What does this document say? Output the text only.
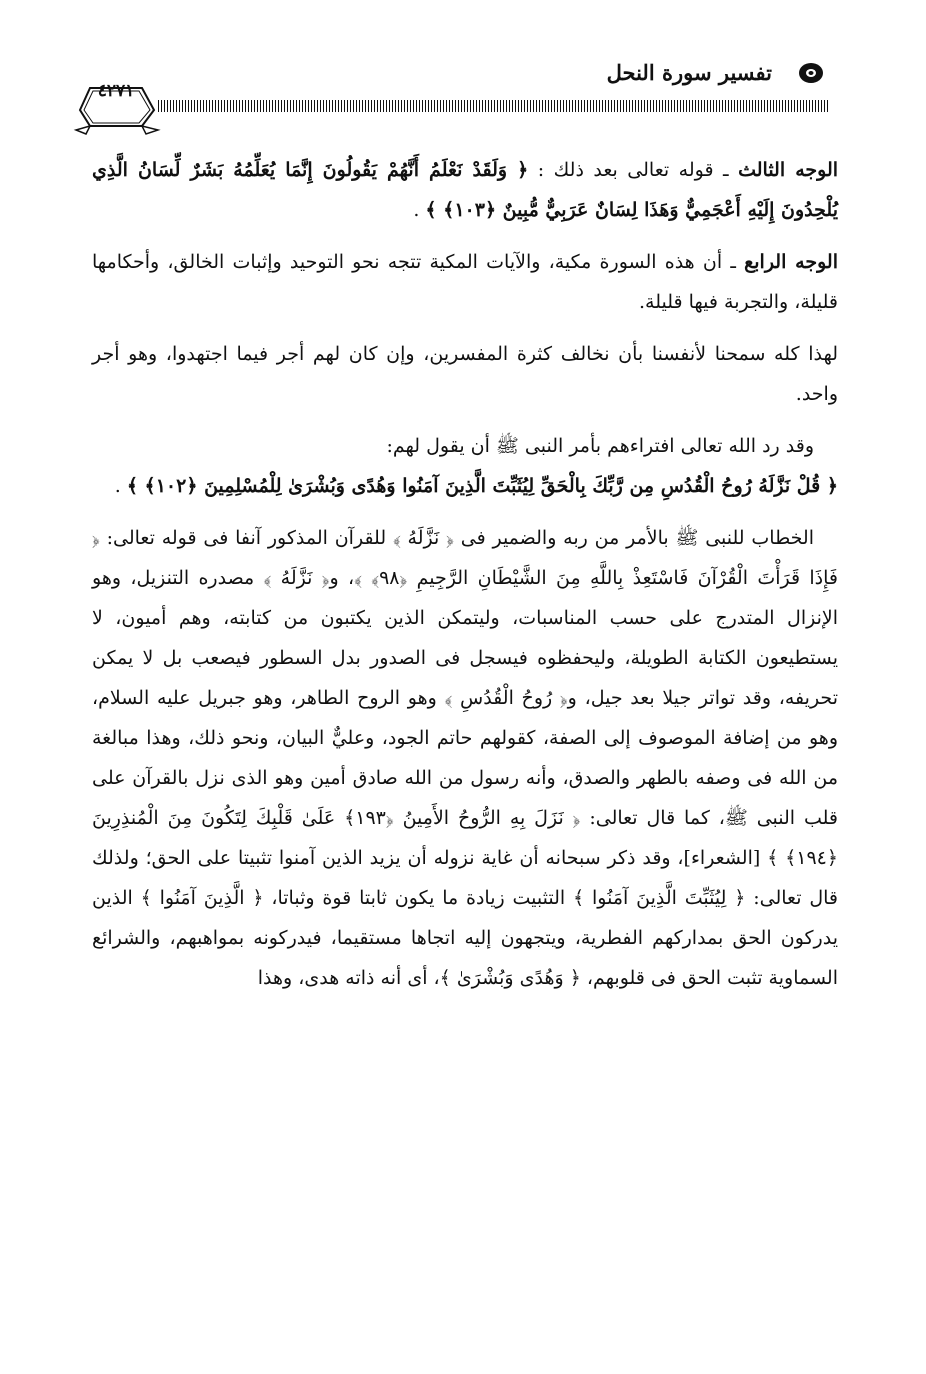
تفسير سورة النحل
٤٢٧١

الوجه الثالث ـ قوله تعالى بعد ذلك : ﴿ وَلَقَدْ نَعْلَمُ أَنَّهُمْ يَقُولُونَ إِنَّمَا يُعَلِّمُهُ بَشَرٌ لِّسَانُ الَّذِي يُلْحِدُونَ إِلَيْهِ أَعْجَمِيٌّ وَهَذَا لِسَانٌ عَرَبِيٌّ مُّبِينٌ ﴿١٠٣﴾ ﴾ .

الوجه الرابع ـ أن هذه السورة مكية، والآيات المكية تتجه نحو التوحيد وإثبات الخالق، وأحكامها قليلة، والتجربة فيها قليلة.

لهذا كله سمحنا لأنفسنا بأن نخالف كثرة المفسرين، وإن كان لهم أجر فيما اجتهدوا، وهو أجر واحد.

وقد رد الله تعالى افتراءهم بأمر النبى ﷺ أن يقول لهم:

﴿ قُلْ نَزَّلَهُ رُوحُ الْقُدُسِ مِن رَّبِّكَ بِالْحَقِّ لِيُثَبِّتَ الَّذِينَ آمَنُوا وَهُدًى وَبُشْرَىٰ لِلْمُسْلِمِينَ ﴿١٠٢﴾ ﴾ .

الخطاب للنبى ﷺ بالأمر من ربه والضمير فى ﴿ نَزَّلَهُ ﴾ للقرآن المذكور آنفا فى قوله تعالى: ﴿ فَإِذَا قَرَأْتَ الْقُرْآنَ فَاسْتَعِذْ بِاللَّهِ مِنَ الشَّيْطَانِ الرَّجِيمِ ﴿٩٨﴾ ﴾، و﴿ نَزَّلَهُ ﴾ مصدره التنزيل، وهو الإنزال المتدرج على حسب المناسبات، وليتمكن الذين يكتبون من كتابته، وهم أميون، لا يستطيعون الكتابة الطويلة، وليحفظوه فيسجل فى الصدور بدل السطور فيصعب بل لا يمكن تحريفه، وقد تواتر جيلا بعد جيل، و﴿ رُوحُ الْقُدُسِ ﴾ وهو الروح الطاهر، وهو جبريل عليه السلام، وهو من إضافة الموصوف إلى الصفة، كقولهم حاتم الجود، وعليٌّ البيان، ونحو ذلك، وهذا مبالغة من الله فى وصفه بالطهر والصدق، وأنه رسول من الله صادق أمين وهو الذى نزل بالقرآن على قلب النبى ﷺ، كما قال تعالى: ﴿ نَزَلَ بِهِ الرُّوحُ الأَمِينُ ﴿١٩٣﴾ عَلَىٰ قَلْبِكَ لِتَكُونَ مِنَ الْمُنذِرِينَ ﴿١٩٤﴾ ﴾ [الشعراء]، وقد ذكر سبحانه أن غاية نزوله أن يزيد الذين آمنوا تثبيتا على الحق؛ ولذلك قال تعالى: ﴿ لِيُثَبِّتَ الَّذِينَ آمَنُوا ﴾ التثبيت زيادة ما يكون ثابتا قوة وثباتا، ﴿ الَّذِينَ آمَنُوا ﴾ الذين يدركون الحق بمداركهم الفطرية، ويتجهون إليه اتجاها مستقيما، فيدركونه بمواهبهم، والشرائع السماوية تثبت الحق فى قلوبهم، ﴿ وَهُدًى وَبُشْرَىٰ ﴾، أى أنه ذاته هدى، وهذا
